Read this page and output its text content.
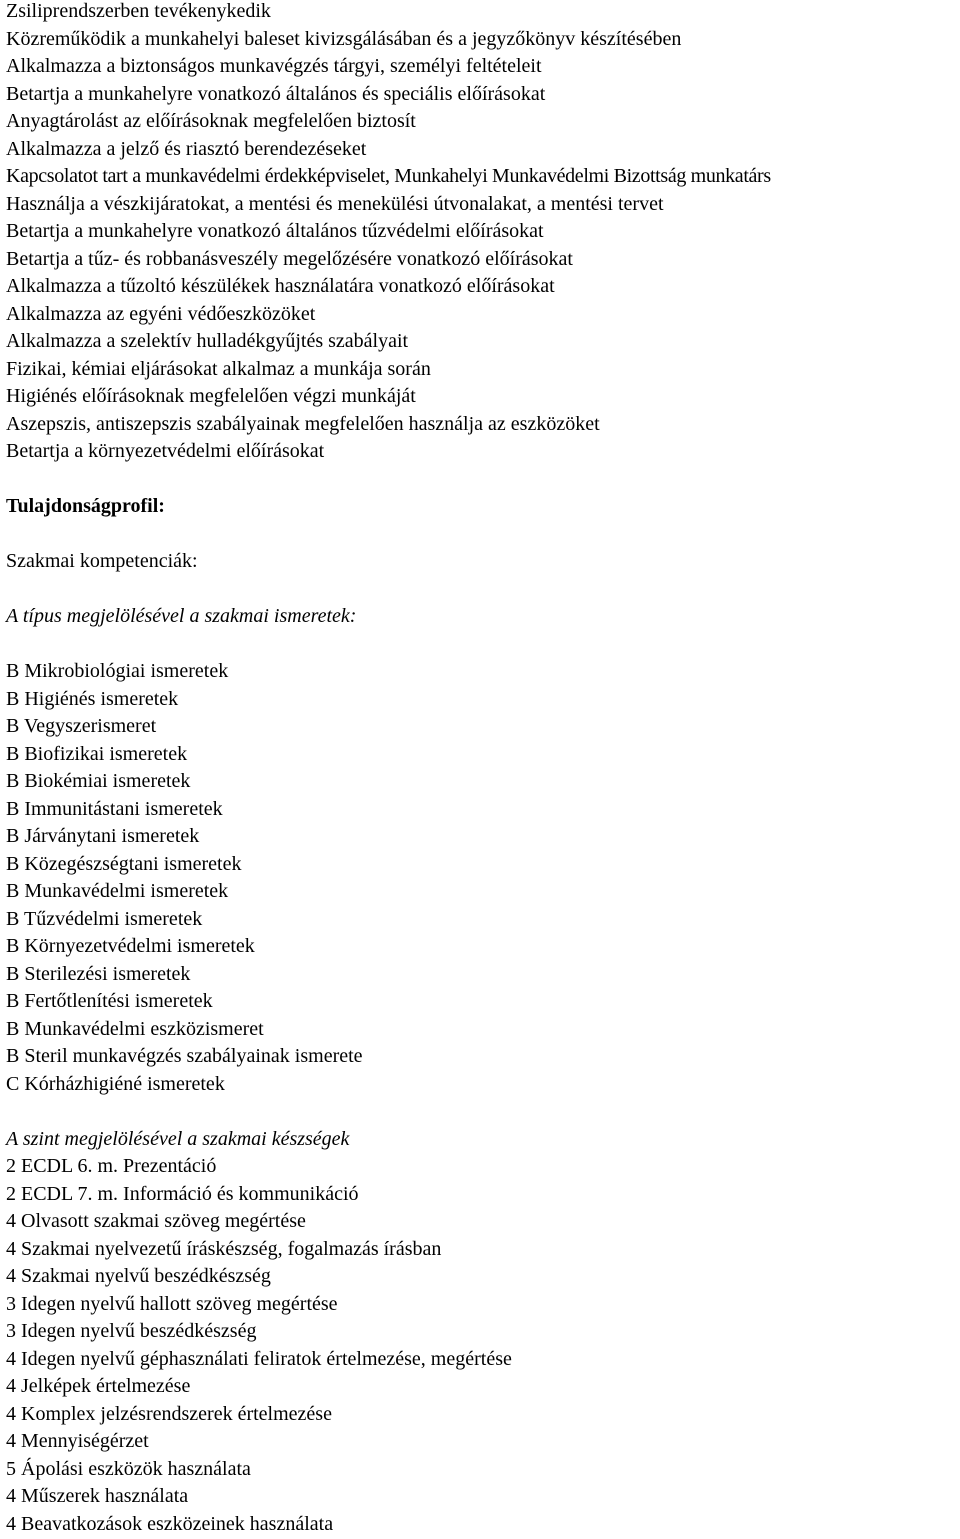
Zsiliprendszerben tevékenykedik
Közreműködik a munkahelyi baleset kivizsgálásában és a jegyzőkönyv készítésében
Alkalmazza a biztonságos munkavégzés tárgyi, személyi feltételeit
Betartja a munkahelyre vonatkozó általános és speciális előírásokat
Anyagtárolást az előírásoknak megfelelően biztosít
Alkalmazza a jelző és riasztó berendezéseket
Kapcsolatot tart a munkavédelmi érdekképviselet, Munkahelyi Munkavédelmi Bizottság munkatárs
Használja a vészkijáratokat, a mentési és menekülési útvonalakat, a mentési tervet
Betartja a munkahelyre vonatkozó általános tűzvédelmi előírásokat
Betartja a tűz- és robbanásveszély megelőzésére vonatkozó előírásokat
Alkalmazza a tűzoltó készülékek használatára vonatkozó előírásokat
Alkalmazza az egyéni védőeszközöket
Alkalmazza a szelektív hulladékgyűjtés szabályait
Fizikai, kémiai eljárásokat alkalmaz a munkája során
Higiénés előírásoknak megfelelően végzi munkáját
Aszepszis, antiszepszis szabályainak megfelelően használja az eszközöket
Betartja a környezetvédelmi előírásokat
Tulajdonságprofil:
Szakmai kompetenciák:
A típus megjelölésével a szakmai ismeretek:
B Mikrobiológiai ismeretek
B Higiénés ismeretek
B Vegyszerismeret
B Biofizikai ismeretek
B Biokémiai ismeretek
B Immunitástani ismeretek
B Járványtani ismeretek
B Közegészségtani ismeretek
B Munkavédelmi ismeretek
B Tűzvédelmi ismeretek
B Környezetvédelmi ismeretek
B Sterilezési ismeretek
B Fertőtlenítési ismeretek
B Munkavédelmi eszközismeret
B Steril munkavégzés szabályainak ismerete
C Kórházhigiéné ismeretek
A szint megjelölésével a szakmai készségek
2 ECDL 6. m. Prezentáció
2 ECDL 7. m. Információ és kommunikáció
4 Olvasott szakmai szöveg megértése
4 Szakmai nyelvezetű íráskészség, fogalmazás írásban
4 Szakmai nyelvű beszédkészség
3 Idegen nyelvű hallott szöveg megértése
3 Idegen nyelvű beszédkészség
4 Idegen nyelvű géphasználati feliratok értelmezése, megértése
4 Jelképek értelmezése
4 Komplex jelzésrendszerek értelmezése
4 Mennyiségérzet
5 Ápolási eszközök használata
4 Műszerek használata
4 Beavatkozások eszközeinek használata
